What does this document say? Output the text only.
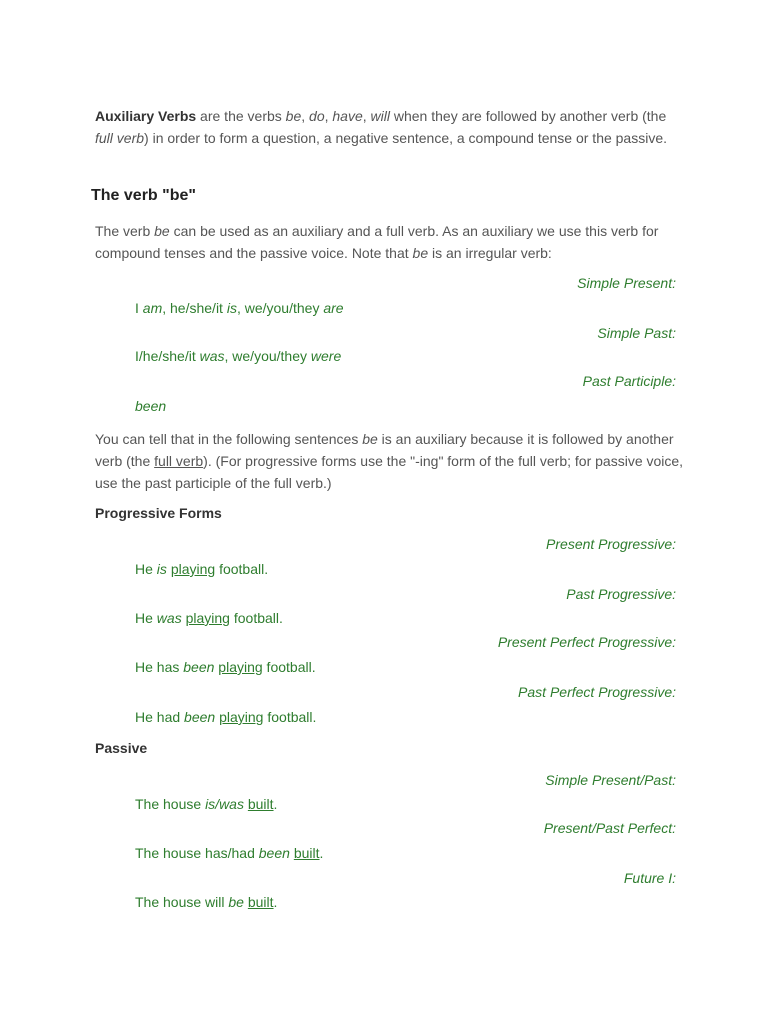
Auxiliary Verbs are the verbs be, do, have, will when they are followed by another verb (the full verb) in order to form a question, a negative sentence, a compound tense or the passive.

The verb "be"

The verb be can be used as an auxiliary and a full verb. As an auxiliary we use this verb for compound tenses and the passive voice. Note that be is an irregular verb:

Simple Present:

I am, he/she/it is, we/you/they are

Simple Past:

I/he/she/it was, we/you/they were

Past Participle:

been

You can tell that in the following sentences be is an auxiliary because it is followed by another verb (the full verb). (For progressive forms use the "-ing" form of the full verb; for passive voice, use the past participle of the full verb.)

Progressive Forms

Present Progressive:

He is playing football.

Past Progressive:

He was playing football.

Present Perfect Progressive:

He has been playing football.

Past Perfect Progressive:

He had been playing football.

Passive

Simple Present/Past:

The house is/was built.

Present/Past Perfect:

The house has/had been built.

Future I:

The house will be built.
